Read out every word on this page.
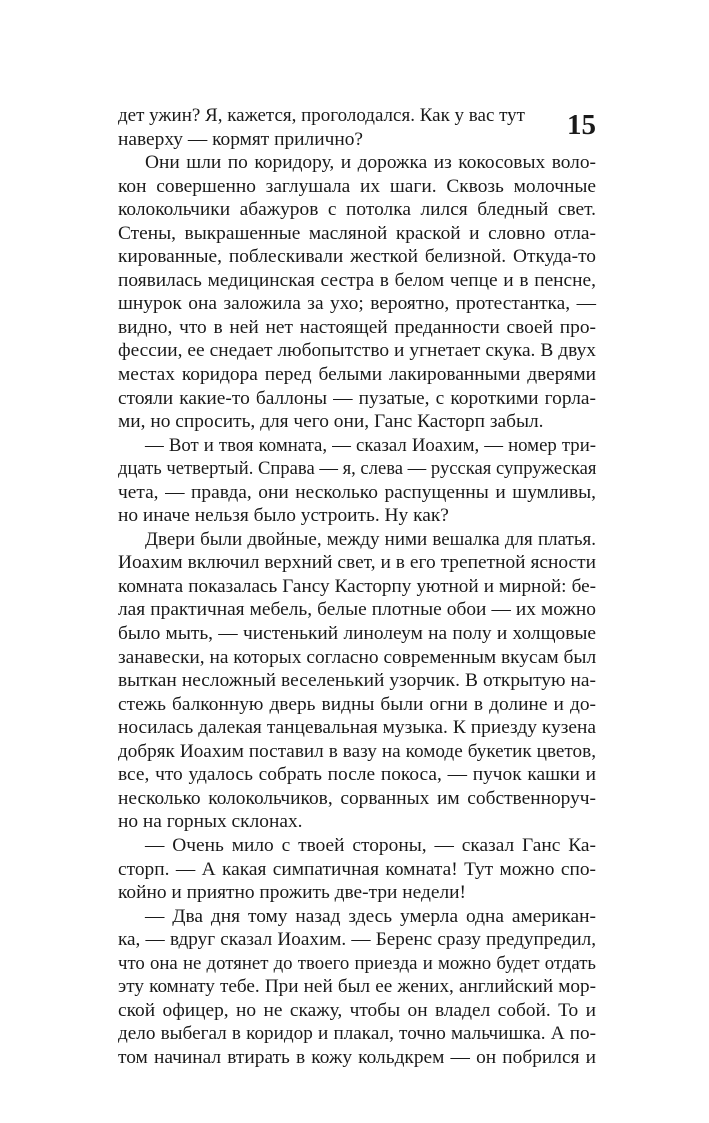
15
дет ужин? Я, кажется, проголодался. Как у вас тут
наверху — кормят прилично?
Они шли по коридору, и дорожка из кокосовых воло-
кон совершенно заглушала их шаги. Сквозь молочные
колокольчики абажуров с потолка лился бледный свет.
Стены, выкрашенные масляной краской и словно отла-
кированные, поблескивали жесткой белизной. Откуда-то
появилась медицинская сестра в белом чепце и в пенсне,
шнурок она заложила за ухо; вероятно, протестантка, —
видно, что в ней нет настоящей преданности своей про-
фессии, ее снедает любопытство и угнетает скука. В двух
местах коридора перед белыми лакированными дверями
стояли какие-то баллоны — пузатые, с короткими горла-
ми, но спросить, для чего они, Ганс Касторп забыл.
— Вот и твоя комната, — сказал Иоахим, — номер три-
дцать четвертый. Справа — я, слева — русская супружеская
чета, — правда, они несколько распущенны и шумливы,
но иначе нельзя было устроить. Ну как?
Двери были двойные, между ними вешалка для платья.
Иоахим включил верхний свет, и в его трепетной ясности
комната показалась Гансу Касторпу уютной и мирной: бе-
лая практичная мебель, белые плотные обои — их можно
было мыть, — чистенький линолеум на полу и холщовые
занавески, на которых согласно современным вкусам был
выткан несложный веселенький узорчик. В открытую на-
стежь балконную дверь видны были огни в долине и до-
носилась далекая танцевальная музыка. К приезду кузена
добряк Иоахим поставил в вазу на комоде букетик цветов,
все, что удалось собрать после покоса, — пучок кашки и
несколько колокольчиков, сорванных им собственноруч-
но на горных склонах.
— Очень мило с твоей стороны, — сказал Ганс Ка-
сторп. — А какая симпатичная комната! Тут можно спо-
койно и приятно прожить две-три недели!
— Два дня тому назад здесь умерла одна американ-
ка, — вдруг сказал Иоахим. — Беренс сразу предупредил,
что она не дотянет до твоего приезда и можно будет отдать
эту комнату тебе. При ней был ее жених, английский мор-
ской офицер, но не скажу, чтобы он владел собой. То и
дело выбегал в коридор и плакал, точно мальчишка. А по-
том начинал втирать в кожу кольдкрем — он побрился и
